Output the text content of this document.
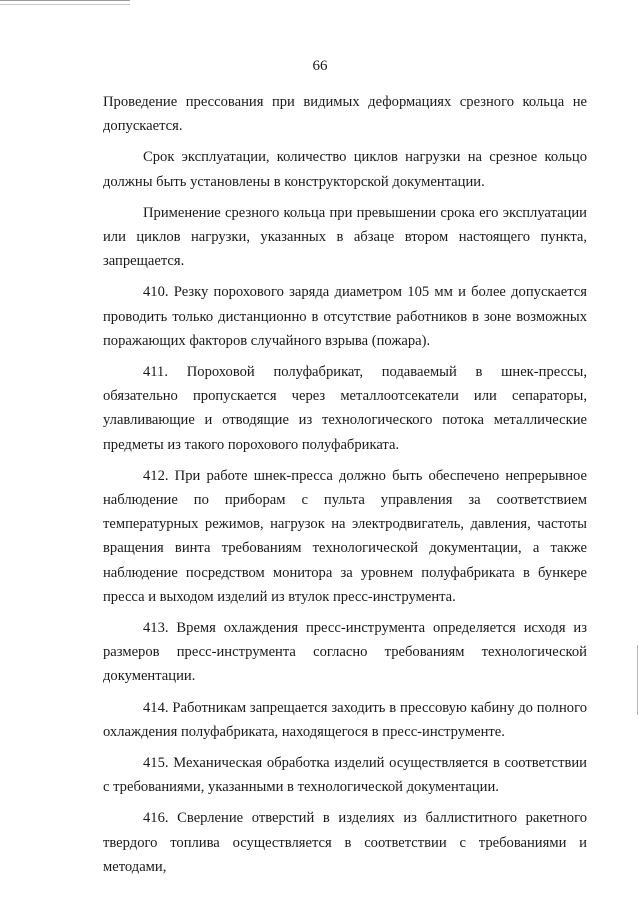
66

Проведение прессования при видимых деформациях срезного кольца не допускается.

Срок эксплуатации, количество циклов нагрузки на срезное кольцо должны быть установлены в конструкторской документации.

Применение срезного кольца при превышении срока его эксплуатации или циклов нагрузки, указанных в абзаце втором настоящего пункта, запрещается.

410. Резку порохового заряда диаметром 105 мм и более допускается проводить только дистанционно в отсутствие работников в зоне возможных поражающих факторов случайного взрыва (пожара).

411. Пороховой полуфабрикат, подаваемый в шнек-прессы, обязательно пропускается через металлоотсекатели или сепараторы, улавливающие и отводящие из технологического потока металлические предметы из такого порохового полуфабриката.

412. При работе шнек-пресса должно быть обеспечено непрерывное наблюдение по приборам с пульта управления за соответствием температурных режимов, нагрузок на электродвигатель, давления, частоты вращения винта требованиям технологической документации, а также наблюдение посредством монитора за уровнем полуфабриката в бункере пресса и выходом изделий из втулок пресс-инструмента.

413. Время охлаждения пресс-инструмента определяется исходя из размеров пресс-инструмента согласно требованиям технологической документации.

414. Работникам запрещается заходить в прессовую кабину до полного охлаждения полуфабриката, находящегося в пресс-инструменте.

415. Механическая обработка изделий осуществляется в соответствии с требованиями, указанными в технологической документации.

416. Сверление отверстий в изделиях из баллиститного ракетного твердого топлива осуществляется в соответствии с требованиями и методами,
